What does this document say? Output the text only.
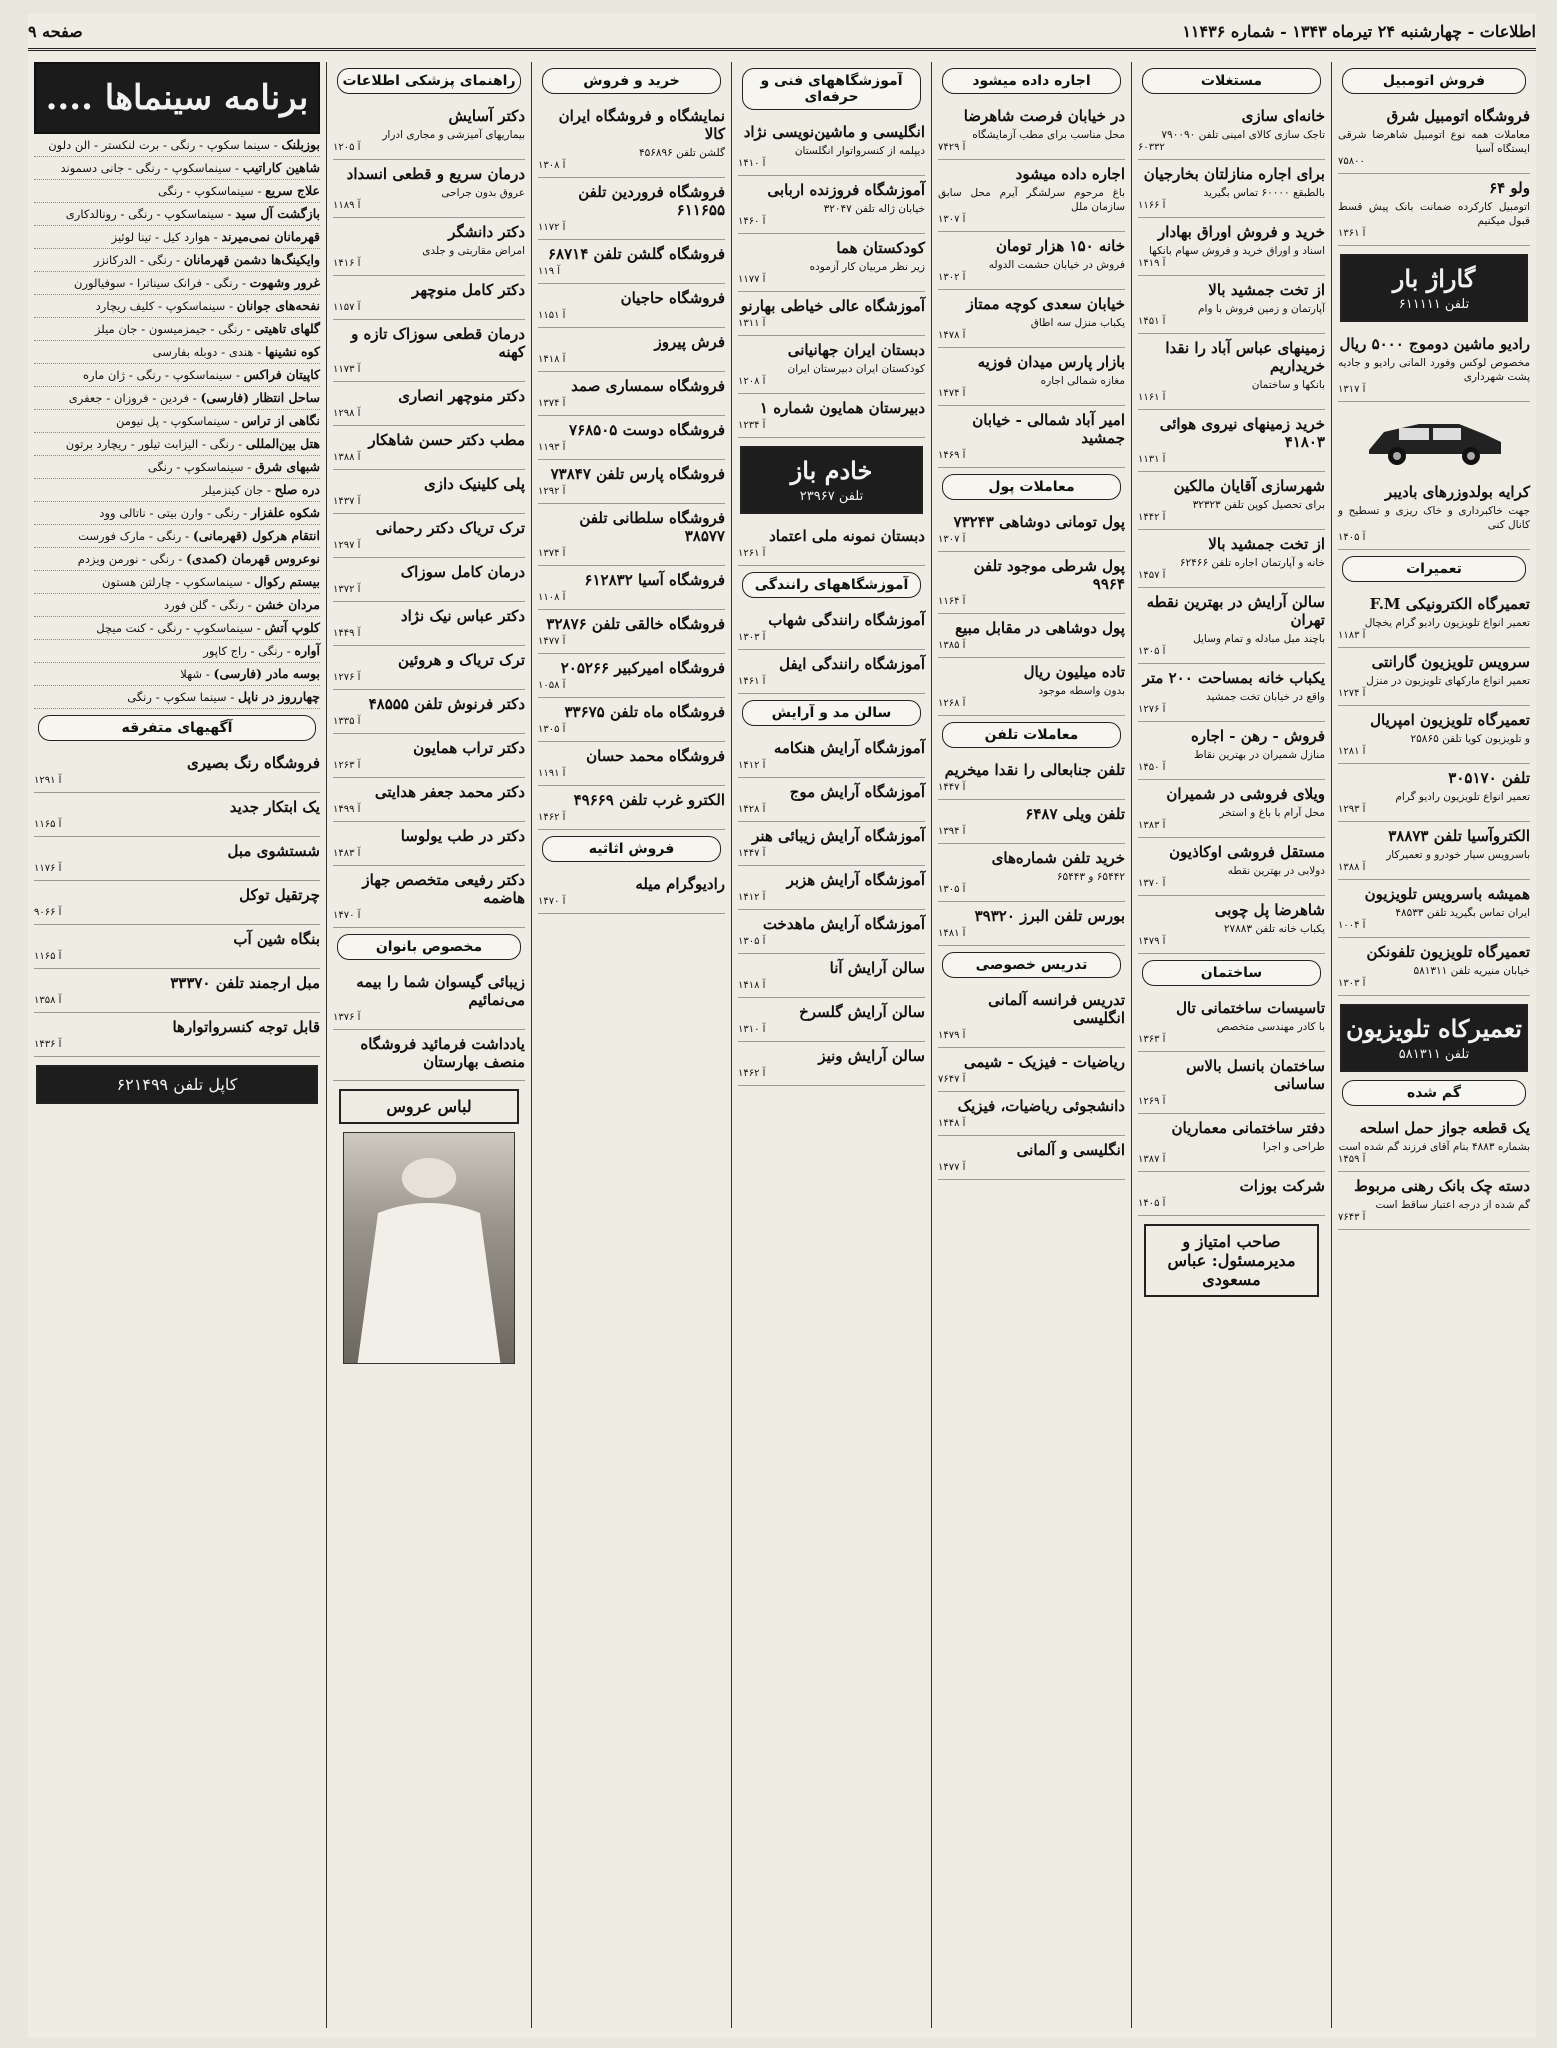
اطلاعات - چهارشنبه ۲۴ تیرماه ۱۳۴۳ - شماره ۱۱۴۳۶
صفحه ۹
فروش اتومبیل
فروشگاه اتومبیل شرق

معاملات همه نوع اتومبیل شاهرضا شرقی ایستگاه آسیا

۷۵۸۰۰
ولو ۶۴

اتومبیل کارکرده ضمانت بانک پیش قسط قبول میکنیم

۱۳۶۱ آ
گاراژ بار
تلفن ۶۱۱۱۱۱
رادیو ماشین دوموج ۵۰۰۰ ریال

مخصوص لوکس وفورد المانی رادیو و جادیه پشت شهرداری

۱۳۱۷ آ
کرایه بولدوزرهای بادیبر

جهت خاکبرداری و خاک ریزی و تسطیح و کانال کنی

۱۴۰۵ آ
تعمیرات
تعمیرگاه الکترونیکی F.M

تعمیر انواع تلویزیون رادیو گرام یخچال

۱۱۸۳ آ
سرویس تلویزیون گارانتی

تعمیر انواع مارکهای تلویزیون در منزل

۱۲۷۴ آ
تعمیرگاه تلویزیون امپریال

و تلویزیون کویا تلفن ۲۵۸۶۵

۱۲۸۱ آ
تلفن ۳۰۵۱۷۰

تعمیر انواع تلویزیون رادیو گرام

۱۲۹۳ آ
الکتروآسیا تلفن ۳۸۸۷۳

باسرویس سیار خودرو و تعمیرکار

۱۳۸۸ آ
همیشه باسرویس تلویزیون

ایران تماس بگیرید تلفن ۴۸۵۳۳

۱۰۰۴ آ
تعمیرگاه تلویزیون تلفونکن

خیابان منیریه تلفن ۵۸۱۳۱۱

۱۳۰۳ آ
تعمیرکاه تلویزیون
تلفن ۵۸۱۳۱۱
گم شده
یک قطعه جواز حمل اسلحه

بشماره ۴۸۸۳ بنام آقای فرزند گم شده است

۱۴۵۹ آ
دسته چک بانک رهنی مربوط

گم شده از درجه اعتبار ساقط است

۷۶۴۳ آ
مستغلات
خانه‌ای سازی

تاجک سازی کالای امینی تلفن ۷۹۰۰۹۰

۶۰۳۳۲
برای اجاره منازلتان بخارجیان

بالطبقع ۶۰۰۰۰ تماس بگیرید

۱۱۶۶ آ
خرید و فروش اوراق بهادار

اسناد و اوراق خرید و فروش سهام بانکها

۱۴۱۹ آ
از تخت جمشید بالا

آپارتمان و زمین فروش با وام

۱۴۵۱ آ
زمینهای عباس آباد را نقدا خریداریم

بانکها و ساختمان

۱۱۶۱ آ
خرید زمینهای نیروی هوائی ۴۱۸۰۳
۱۱۳۱ آ
شهرسازی آقایان مالکین

برای تحصیل کوپن تلفن ۳۲۳۲۳

۱۴۴۲ آ
از تخت جمشید بالا

خانه و آپارتمان اجاره تلفن ۶۲۴۶۶

۱۴۵۷ آ
سالن آرایش در بهترین نقطه تهران

باچند مبل مبادله و تمام وسایل

۱۳۰۵ آ
یکباب خانه بمساحت ۲۰۰ متر

واقع در خیابان تخت جمشید

۱۲۷۶ آ
فروش - رهن - اجاره

منازل شمیران در بهترین نقاط

۱۴۵۰ آ
ویلای فروشی در شمیران

محل آرام با باغ و استخر

۱۳۸۳ آ
مستقل فروشی اوکاذیون

دولابی در بهترین نقطه

۱۳۷۰ آ
شاهرضا پل چوبی

یکباب خانه تلفن ۲۷۸۸۳

۱۴۷۹ آ
ساختمان
تاسیسات ساختمانی تال

با کادر مهندسی متخصص

۱۳۶۳ آ
ساختمان بانسل بالاس ساسانی
۱۲۶۹ آ
دفتر ساختمانی معماریان

طراحی و اجرا

۱۳۸۷ آ
شرکت بوزات
۱۴۰۵ آ
صاحب امتیاز و مدیرمسئول: عباس مسعودی
اجاره داده میشود
در خیابان فرصت شاهرضا

محل مناسب برای مطب آزمایشگاه

۷۴۲۹ آ
اجاره داده میشود

باغ مرحوم سرلشگر آیرم محل سابق سازمان ملل

۱۳۰۷ آ
خانه ۱۵۰ هزار تومان

فروش در خیابان حشمت الدوله

۱۳۰۲ آ
خیابان سعدی کوچه ممتاز

یکباب منزل سه اطاق

۱۴۷۸ آ
بازار پارس میدان فوزیه

مغازه شمالی اجاره

۱۴۷۴ آ
امیر آباد شمالی - خیابان جمشید
۱۴۶۹ آ
معاملات پول
پول تومانی دوشاهی ۷۳۲۴۳
۱۳۰۷ آ
پول شرطی موجود تلفن ۹۹۶۴
۱۱۶۴ آ
پول دوشاهی در مقابل مبیع
۱۳۸۵ آ
تاده میلیون ریال

بدون واسطه موجود

۱۲۶۸ آ
معاملات تلفن
تلفن جنابعالی را نقدا میخریم
۱۴۴۷ آ
تلفن ویلی ۶۴۸۷
۱۳۹۴ آ
خرید تلفن شماره‌های

۶۵۴۴۲ و ۶۵۴۴۳

۱۳۰۵ آ
بورس تلفن البرز ۳۹۳۲۰
۱۴۸۱ آ
تدریس خصوصی
تدریس فرانسه آلمانی انگلیسی
۱۴۷۹ آ
ریاضیات - فیزیک - شیمی
۷۶۴۷ آ
دانشجوئی ریاضیات، فیزیک
۱۴۴۸ آ
انگلیسی و آلمانی
۱۴۷۷ آ
آموزشگاههای فنی و حرفه‌ای
انگلیسی و ماشین‌نویسی نژاد

دیپلمه از کنسرواتوار انگلستان

۱۴۱۰ آ
آموزشگاه فروزنده اربابی

خیابان ژاله تلفن ۳۲۰۴۷

۱۴۶۰ آ
کودکستان هما

زیر نظر مربیان کار آزموده

۱۱۷۷ آ
آموزشگاه عالی خیاطی بهارنو
۱۳۱۱ آ
دبستان ایران جهانیانی

کودکستان ایران دبیرستان ایران

۱۲۰۸ آ
دبیرستان همایون شماره ۱
۱۲۳۴ آ
خادم باز
تلفن ۲۳۹۶۷
دبستان نمونه ملی اعتماد
۱۲۶۱ آ
آموزشگاههای رانندگی
آموزشگاه رانندگی شهاب
۱۳۰۳ آ
آموزشگاه رانندگی ایفل
۱۴۶۱ آ
سالن مد و آرایش
آموزشگاه آرایش هنکامه
۱۴۱۲ آ
آموزشگاه آرایش موج
۱۴۲۸ آ
آموزشگاه آرایش زیبائی هنر
۱۴۴۷ آ
آموزشگاه آرایش هزبر
۱۴۱۲ آ
آموزشگاه آرایش ماهدخت
۱۳۰۵ آ
سالن آرایش آنا
۱۴۱۸ آ
سالن آرایش گلسرخ
۱۳۱۰ آ
سالن آرایش ونیز
۱۴۶۲ آ
خرید و فروش
نمایشگاه و فروشگاه ایران کالا

گلشن تلفن ۴۵۶۸۹۶

۱۳۰۸ آ
فروشگاه فروردین تلفن ۶۱۱۶۵۵
۱۱۷۲ آ
فروشگاه گلشن تلفن ۶۸۷۱۴
۱۱۹ آ
فروشگاه حاجیان
۱۱۵۱ آ
فرش پیروز
۱۴۱۸ آ
فروشگاه سمساری صمد
۱۳۷۴ آ
فروشگاه دوست ۷۶۸۵۰۵
۱۱۹۳ آ
فروشگاه پارس تلفن ۷۳۸۴۷
۱۲۹۲ آ
فروشگاه سلطانی تلفن ۳۸۵۷۷
۱۳۷۴ آ
فروشگاه آسیا ۶۱۲۸۳۲
۱۱۰۸ آ
فروشگاه خالقی تلفن ۳۲۸۷۶
۱۴۷۷ آ
فروشگاه امیرکبیر ۲۰۵۲۶۶
۱۰۵۸ آ
فروشگاه ماه تلفن ۳۳۶۷۵
۱۳۰۵ آ
فروشگاه محمد حسان
۱۱۹۱ آ
الکترو غرب تلفن ۴۹۶۶۹
۱۴۶۲ آ
فروش اثاثیه
رادیوگرام میله
۱۴۷۰ آ
راهنمای پزشکی اطلاعات
دکتر آسایش

بیماریهای آمیزشی و مجاری ادرار

۱۲۰۵ آ
درمان سریع و قطعی انسداد

عروق بدون جراحی

۱۱۸۹ آ
دکتر دانشگر

امراض مقاربتی و جلدی

۱۴۱۶ آ
دکتر کامل منوچهر
۱۱۵۷ آ
درمان قطعی سوزاک تازه و کهنه
۱۱۷۳ آ
دکتر منوچهر انصاری
۱۲۹۸ آ
مطب دکتر حسن شاهکار
۱۳۸۸ آ
پلی کلینیک دازی
۱۴۳۷ آ
ترک تریاک دکتر رحمانی
۱۲۹۷ آ
درمان کامل سوزاک
۱۳۷۲ آ
دکتر عباس نیک نژاد
۱۴۴۹ آ
ترک تریاک و هروئین
۱۲۷۶ آ
دکتر فرنوش تلفن ۴۸۵۵۵
۱۳۳۵ آ
دکتر تراب همایون
۱۲۶۳ آ
دکتر محمد جعفر هدایتی
۱۴۹۹ آ
دکتر در طب یولوسا
۱۴۸۳ آ
دکتر رفیعی متخصص جهاز هاضمه
۱۴۷۰ آ
مخصوص بانوان
زیبائی گیسوان شما را بیمه می‌نمائیم
۱۳۷۶ آ
یادداشت فرمائید فروشگاه منصف بهارستان
لباس عروس
برنامه سینماها ....
بوزبلنک - سینما سکوپ - رنگی - برت لنکستر - الن دلون
شاهین کاراتیب - سینماسکوپ - رنگی - جانی دسموند
علاج سریع - سینماسکوپ - رنگی
بازگشت آل سید - سینماسکوپ - رنگی - رونالدکاری
قهرمانان نمی‌میرند - هوارد کیل - تینا لوئیز
وایکینگ‌ها دشمن قهرمانان - رنگی - الدرکانزر
غرور وشهوت - رنگی - فرانک سیناترا - سوفیالورن
نفحه‌های جوانان - سینماسکوپ - کلیف ریچارد
گلهای تاهیتی - رنگی - جیمزمیسون - جان میلز
کوه نشینها - هندی - دوبله بفارسی
کاپیتان فراکس - سینماسکوپ - رنگی - ژان ماره
ساحل انتظار (فارسی) - فردین - فروزان - جعفری
نگاهی از تراس - سینماسکوپ - پل نیومن
هتل بین‌المللی - رنگی - الیزابت تیلور - ریچارد برتون
شبهای شرق - سینماسکوپ - رنگی
دره صلح - جان کینزمیلر
شکوه علفزار - رنگی - وارن بیتی - ناتالی وود
انتقام هرکول (قهرمانی) - رنگی - مارک فورست
نوعروس قهرمان (کمدی) - رنگی - نورمن ویزدم
بیستم رکوال - سینماسکوپ - چارلتن هستون
مردان خشن - رنگی - گلن فورد
کلوپ آتش - سینماسکوپ - رنگی - کنت میچل
آواره - رنگی - راج کاپور
بوسه مادر (فارسی) - شهلا
چهارروز در ناپل - سینما سکوپ - رنگی
آگهیهای متفرقه
فروشگاه رنگ بصیری
۱۲۹۱ آ
یک ابتکار جدید
۱۱۶۵ آ
شستشوی مبل
۱۱۷۶ آ
چرتقیل توکل
۹۰۶۶ آ
بنگاه شین آب
۱۱۶۵ آ
مبل ارجمند تلفن ۳۳۳۷۰
۱۳۵۸ آ
قابل توجه کنسرواتوارها
۱۴۳۶ آ
کاپل تلفن ۶۲۱۴۹۹
